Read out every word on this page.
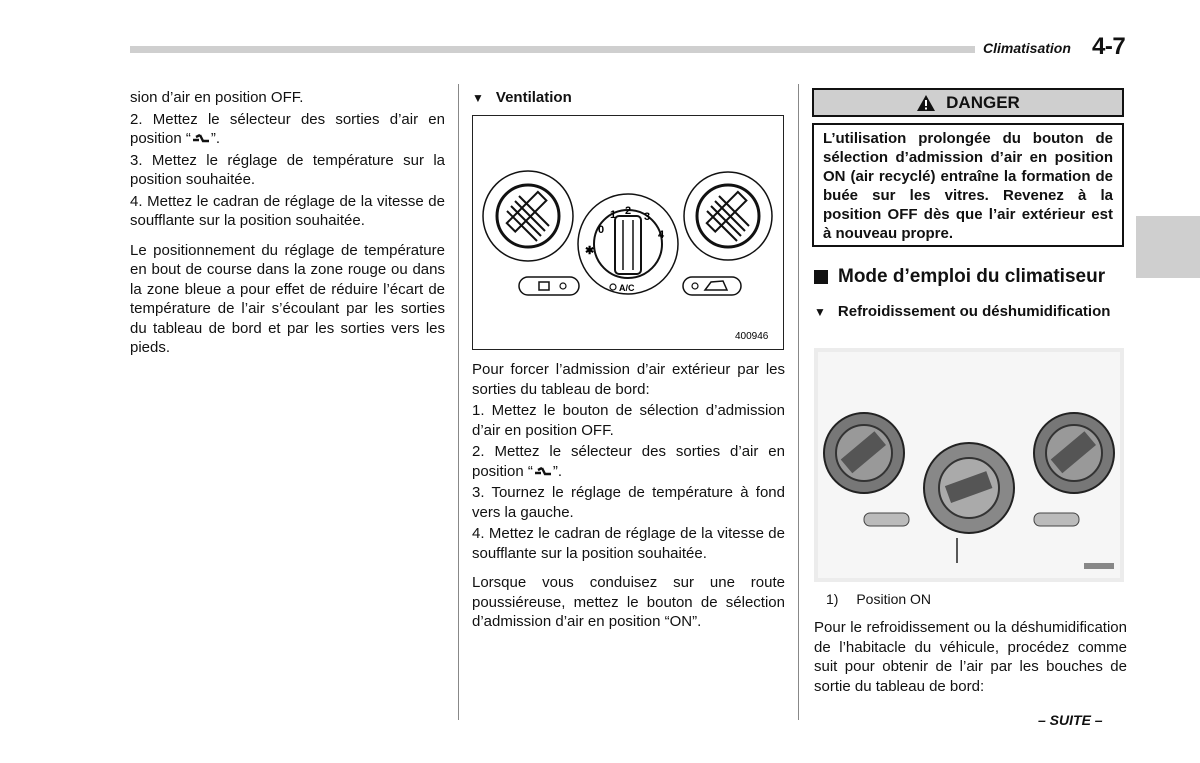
Climatisation 4-7

sion d’air en position OFF.

2. Mettez le sélecteur des sorties d’air en position “ ”.

3. Mettez le réglage de température sur la position souhaitée.

4. Mettez le cadran de réglage de la vitesse de soufflante sur la position souhaitée.

Le positionnement du réglage de température en bout de course dans la zone rouge ou dans la zone bleue a pour effet de réduire l’écart de température de l’air s’écoulant par les sorties du tableau de bord et par les sorties vers les pieds.

▼ Ventilation
0
1 2 3
4
✱
A/C
400946

Pour forcer l’admission d’air extérieur par les sorties du tableau de bord:

1. Mettez le bouton de sélection d’admission d’air en position OFF.

2. Mettez le sélecteur des sorties d’air en position “ ”.

3. Tournez le réglage de température à fond vers la gauche.

4. Mettez le cadran de réglage de la vitesse de soufflante sur la position souhaitée.

Lorsque vous conduisez sur une route poussiéreuse, mettez le bouton de sélection d’admission d’air en position “ON”.

DANGER
L’utilisation prolongée du bouton de sélection d’admission d’air en position ON (air recyclé) entraîne la formation de buée sur les vitres. Revenez à la position OFF dès que l’air extérieur est à nouveau propre.
Mode d’emploi du climatiseur
▼ Refroidissement ou déshumidification
1) Position ON

Pour le refroidissement ou la déshumidification de l’habitacle du véhicule, procédez comme suit pour obtenir de l’air par les bouches de sortie du tableau de bord:

– SUITE –
